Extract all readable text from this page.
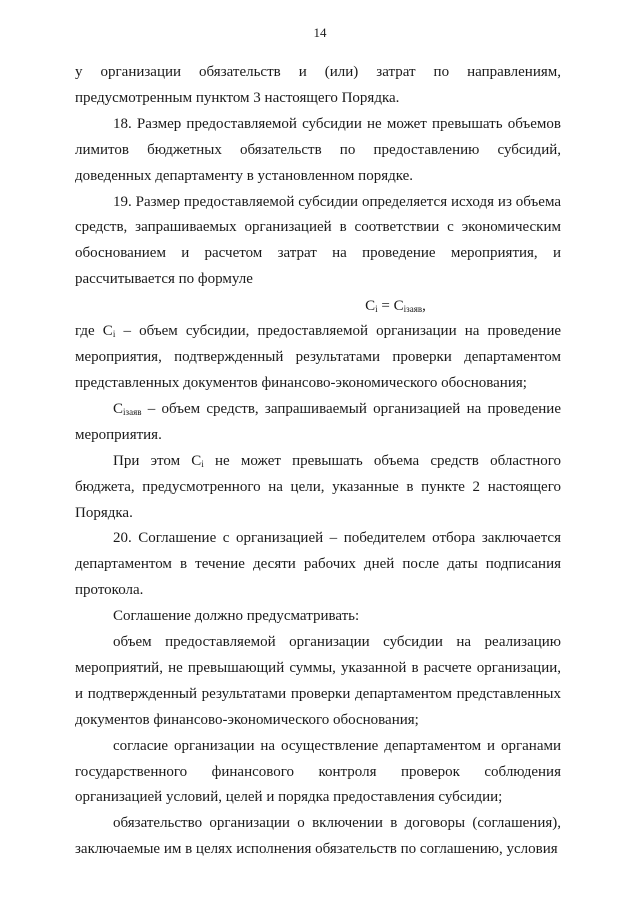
14

у организации обязательств и (или) затрат по направлениям, предусмотренным пунктом 3 настоящего Порядка.

18. Размер предоставляемой субсидии не может превышать объемов лимитов бюджетных обязательств по предоставлению субсидий, доведенных департаменту в установленном порядке.

19. Размер предоставляемой субсидии определяется исходя из объема средств, запрашиваемых организацией в соответствии с экономическим обоснованием и расчетом затрат на проведение мероприятия, и рассчитывается по формуле

$C_i = C_{iзаяв}$,

где $C_i$ – объем субсидии, предоставляемой организации на проведение мероприятия, подтвержденный результатами проверки департаментом представленных документов финансово-экономического обоснования;

$C_{iзаяв}$ – объем средств, запрашиваемый организацией на проведение мероприятия.

При этом $C_i$ не может превышать объема средств областного бюджета, предусмотренного на цели, указанные в пункте 2 настоящего Порядка.

20. Соглашение с организацией – победителем отбора заключается департаментом в течение десяти рабочих дней после даты подписания протокола.

Соглашение должно предусматривать:

объем предоставляемой организации субсидии на реализацию мероприятий, не превышающий суммы, указанной в расчете организации, и подтвержденный результатами проверки департаментом представленных документов финансово-экономического обоснования;

согласие организации на осуществление департаментом и органами государственного финансового контроля проверок соблюдения организацией условий, целей и порядка предоставления субсидии;

обязательство организации о включении в договоры (соглашения), заключаемые им в целях исполнения обязательств по соглашению, условия
